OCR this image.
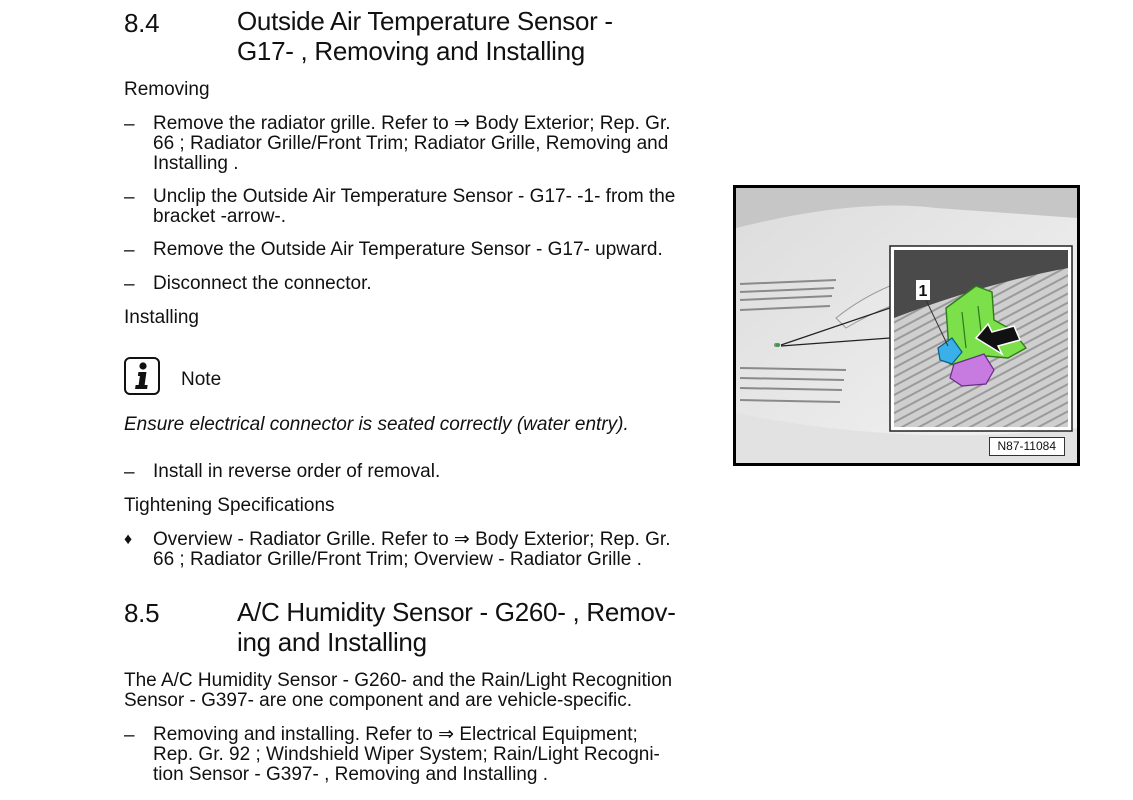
8.4	Outside Air Temperature Sensor -
G17- , Removing and Installing
Removing
– Remove the radiator grille. Refer to ⇒ Body Exterior; Rep. Gr.
66 ; Radiator Grille/Front Trim; Radiator Grille, Removing and
Installing .
– Unclip the Outside Air Temperature Sensor - G17- -1- from the
bracket -arrow-.
– Remove the Outside Air Temperature Sensor - G17- upward.
– Disconnect the connector.
Installing
Note
Ensure electrical connector is seated correctly (water entry).
– Install in reverse order of removal.
Tightening Specifications
♦ Overview - Radiator Grille. Refer to ⇒ Body Exterior; Rep. Gr.
66 ; Radiator Grille/Front Trim; Overview - Radiator Grille .
8.5	A/C Humidity Sensor - G260- , Remov-
ing and Installing
The A/C Humidity Sensor - G260- and the Rain/Light Recognition
Sensor - G397- are one component and are vehicle-specific.
– Removing and installing. Refer to ⇒ Electrical Equipment;
Rep. Gr. 92 ; Windshield Wiper System; Rain/Light Recogni-
tion Sensor - G397- , Removing and Installing .
1
N87-11084
